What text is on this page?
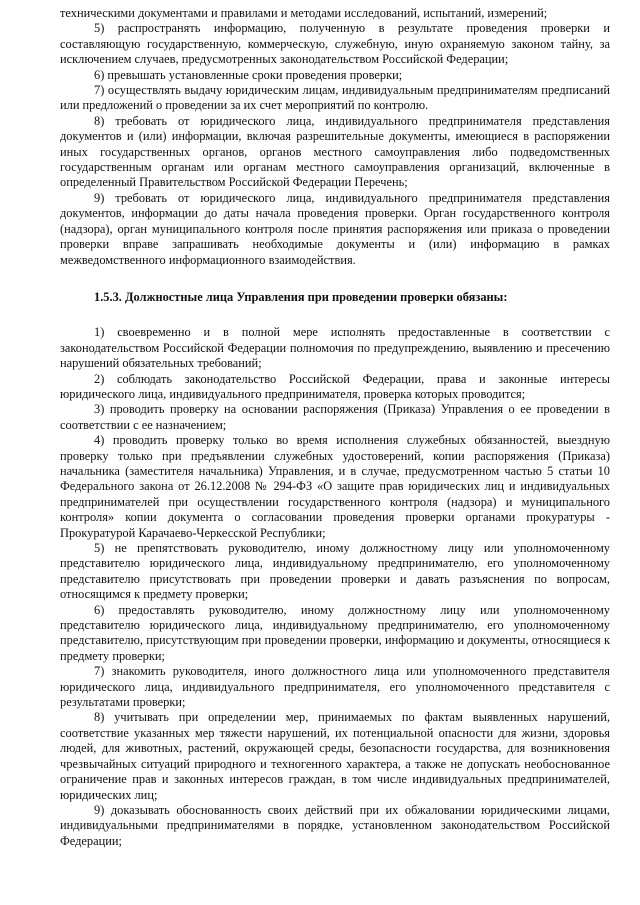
техническими документами и правилами и методами исследований, испытаний, измерений;

5) распространять информацию, полученную в результате проведения проверки и составляющую государственную, коммерческую, служебную, иную охраняемую законом тайну, за исключением случаев, предусмотренных законодательством Российской Федерации;

6) превышать установленные сроки проведения проверки;

7) осуществлять выдачу юридическим лицам, индивидуальным предпринимателям предписаний или предложений о проведении за их счет мероприятий по контролю.

8) требовать от юридического лица, индивидуального предпринимателя представления документов и (или) информации, включая разрешительные документы, имеющиеся в распоряжении иных государственных органов, органов местного самоуправления либо подведомственных государственным органам или органам местного самоуправления организаций, включенные в определенный Правительством Российской Федерации Перечень;

9) требовать от юридического лица, индивидуального предпринимателя представления документов, информации до даты начала проведения проверки. Орган государственного контроля (надзора), орган муниципального контроля после принятия распоряжения или приказа о проведении проверки вправе запрашивать необходимые документы и (или) информацию в рамках межведомственного информационного взаимодействия.

1.5.3. Должностные лица Управления при проведении проверки обязаны:

1) своевременно и в полной мере исполнять предоставленные в соответствии с законодательством Российской Федерации полномочия по предупреждению, выявлению и пресечению нарушений обязательных требований;

2) соблюдать законодательство Российской Федерации, права и законные интересы юридического лица, индивидуального предпринимателя, проверка которых проводится;

3) проводить проверку на основании распоряжения (Приказа) Управления о ее проведении в соответствии с ее назначением;

4) проводить проверку только во время исполнения служебных обязанностей, выездную проверку только при предъявлении служебных удостоверений, копии распоряжения (Приказа) начальника (заместителя начальника) Управления, и в случае, предусмотренном частью 5 статьи 10 Федерального закона от 26.12.2008 № 294-ФЗ «О защите прав юридических лиц и индивидуальных предпринимателей при осуществлении государственного контроля (надзора) и муниципального контроля» копии документа о согласовании проведения проверки органами прокуратуры - Прокуратурой Карачаево-Черкесской Республики;

5) не препятствовать руководителю, иному должностному лицу или уполномоченному представителю юридического лица, индивидуальному предпринимателю, его уполномоченному представителю присутствовать при проведении проверки и давать разъяснения по вопросам, относящимся к предмету проверки;

6) предоставлять руководителю, иному должностному лицу или уполномоченному представителю юридического лица, индивидуальному предпринимателю, его уполномоченному представителю, присутствующим при проведении проверки, информацию и документы, относящиеся к предмету проверки;

7) знакомить руководителя, иного должностного лица или уполномоченного представителя юридического лица, индивидуального предпринимателя, его уполномоченного представителя с результатами проверки;

8) учитывать при определении мер, принимаемых по фактам выявленных нарушений, соответствие указанных мер тяжести нарушений, их потенциальной опасности для жизни, здоровья людей, для животных, растений, окружающей среды, безопасности государства, для возникновения чрезвычайных ситуаций природного и техногенного характера, а также не допускать необоснованное ограничение прав и законных интересов граждан, в том числе индивидуальных предпринимателей, юридических лиц;

9) доказывать обоснованность своих действий при их обжаловании юридическими лицами, индивидуальными предпринимателями в порядке, установленном законодательством Российской Федерации;
